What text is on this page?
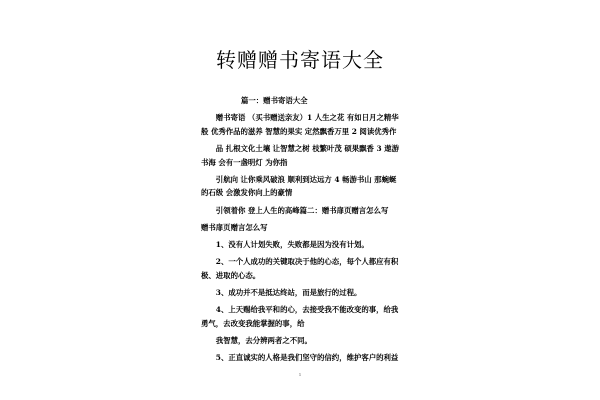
转赠赠书寄语大全

篇一：赠书寄语大全

赠书寄语 （买书赠送亲友）1 人生之花 有如日月之精华般 优秀作品的滋养 智慧的果实 定然飘香万里 2 阅读优秀作

品 扎根文化土壤 让智慧之树 枝繁叶茂 硕果飘香 3 遨游书海 会有一盏明灯 为你指

引航向 让你乘风破浪 顺利到达远方 4 畅游书山 那蜿蜒的石级 会激发你向上的豪情

引领着你 登上人生的高峰篇二：赠书扉页赠言怎么写

赠书扉页赠言怎么写

1、没有人计划失败，失败都是因为没有计划。

2、一个人成功的关键取决于他的心态，每个人都应有积极、进取的心态。

3、成功并不是抵达终站，而是旅行的过程。

4、上天赐给我平和的心，去接受我不能改变的事，给我勇气，去改变我能掌握的事，给

我智慧，去分辨两者之不同。

5、正直诚实的人格是我们坚守的信约，维护客户的利益

1
